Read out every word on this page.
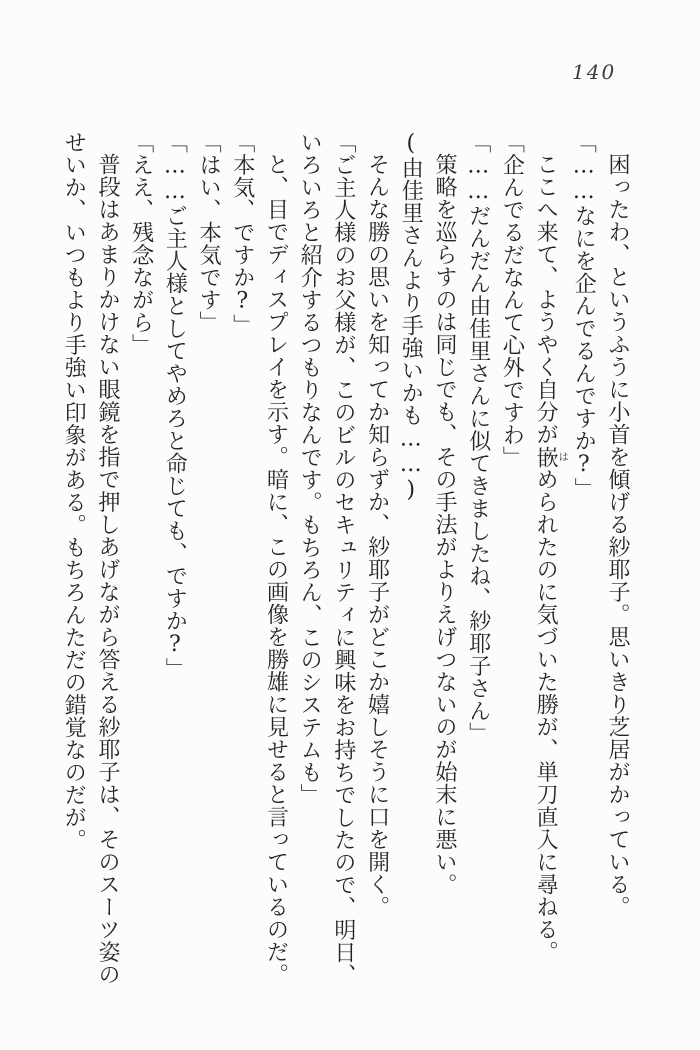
140

困ったわ、というふうに小首を傾げる紗耶子。思いきり芝居がかっている。

「……なにを企んでるんですか?」

ここへ来て、ようやく自分が嵌はめられたのに気づいた勝が、単刀直入に尋ねる。

「企んでるだなんて心外ですわ」

「……だんだん由佳里さんに似てきましたね、紗耶子さん」

策略を巡らすのは同じでも、その手法がよりえげつないのが始末に悪い。

(由佳里さんより手強いかも……)

そんな勝の思いを知ってか知らずか、紗耶子がどこか嬉しそうに口を開く。

「ご主人様のお父様が、このビルのセキュリティに興味をお持ちでしたので、明日、

いろいろと紹介するつもりなんです。もちろん、このシステムも」

と、目でディスプレイを示す。暗に、この画像を勝雄に見せると言っているのだ。

「本気、ですか?」

「はい、本気です」

「……ご主人様としてやめろと命じても、ですか?」

「ええ、残念ながら」

普段はあまりかけない眼鏡を指で押しあげながら答える紗耶子は、そのスーツ姿の

せいか、いつもより手強い印象がある。もちろんただの錯覚なのだが。
